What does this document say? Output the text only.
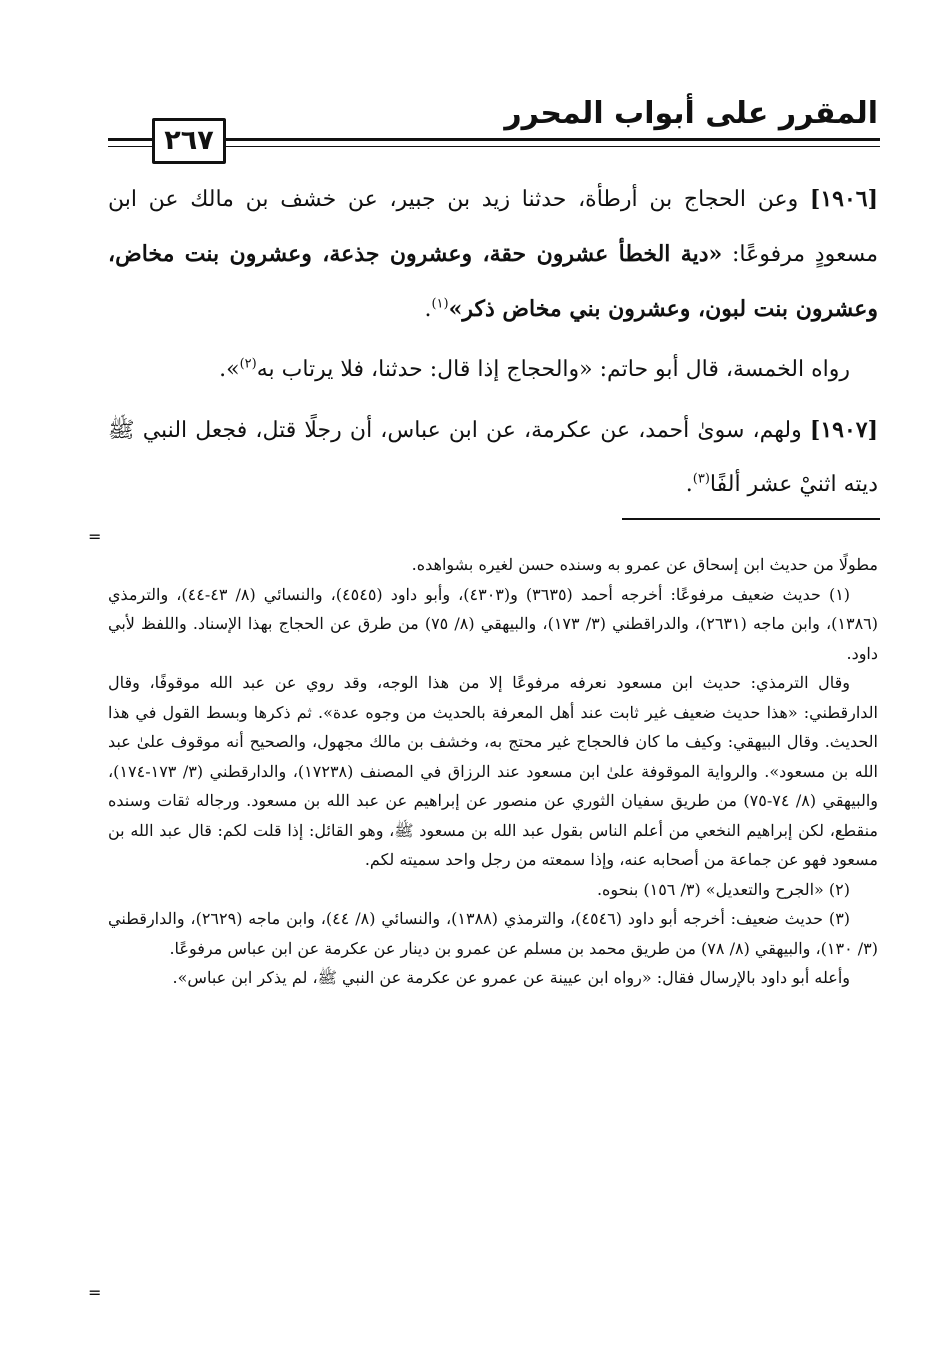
المقرر على أبواب المحرر
٢٦٧

[١٩٠٦] وعن الحجاج بن أرطأة، حدثنا زيد بن جبير، عن خشف بن مالك عن ابن مسعودٍ مرفوعًا: «دية الخطأ عشرون حقة، وعشرون جذعة، وعشرون بنت مخاض، وعشرون بنت لبون، وعشرون بني مخاض ذكر»$^{(١)}$.

رواه الخمسة، قال أبو حاتم: «والحجاج إذا قال: حدثنا، فلا يرتاب به$^{(٢)}$».

[١٩٠٧] ولهم، سوىٰ أحمد، عن عكرمة، عن ابن عباس، أن رجلًا قتل، فجعل النبي ﷺ ديته اثنيْ عشر ألفًا$^{(٣)}$.

=

مطولًا من حديث ابن إسحاق عن عمرو به وسنده حسن لغيره بشواهده.

(١) حديث ضعيف مرفوعًا: أخرجه أحمد (٣٦٣٥) و(٤٣٠٣)، وأبو داود (٤٥٤٥)، والنسائي (٨/ ٤٣-٤٤)، والترمذي (١٣٨٦)، وابن ماجه (٢٦٣١)، والدراقطني (٣/ ١٧٣)، والبيهقي (٨/ ٧٥) من طرق عن الحجاج بهذا الإسناد. واللفظ لأبي داود.

وقال الترمذي: حديث ابن مسعود نعرفه مرفوعًا إلا من هذا الوجه، وقد روي عن عبد الله موقوفًا، وقال الدارقطني: «هذا حديث ضعيف غير ثابت عند أهل المعرفة بالحديث من وجوه عدة». ثم ذكرها وبسط القول في هذا الحديث. وقال البيهقي: وكيف ما كان فالحجاج غير محتج به، وخشف بن مالك مجهول، والصحيح أنه موقوف علىٰ عبد الله بن مسعود». والرواية الموقوفة علىٰ ابن مسعود عند الرزاق في المصنف (١٧٢٣٨)، والدارقطني (٣/ ١٧٣-١٧٤)، والبيهقي (٨/ ٧٤-٧٥) من طريق سفيان الثوري عن منصور عن إبراهيم عن عبد الله بن مسعود. ورجاله ثقات وسنده منقطع، لكن إبراهيم النخعي من أعلم الناس بقول عبد الله بن مسعود ﷺ، وهو القائل: إذا قلت لكم: قال عبد الله بن مسعود فهو عن جماعة من أصحابه عنه، وإذا سمعته من رجل واحد سميته لكم.

(٢) «الجرح والتعديل» (٣/ ١٥٦) بنحوه.

(٣) حديث ضعيف: أخرجه أبو داود (٤٥٤٦)، والترمذي (١٣٨٨)، والنسائي (٨/ ٤٤)، وابن ماجه (٢٦٢٩)، والدارقطني (٣/ ١٣٠)، والبيهقي (٨/ ٧٨) من طريق محمد بن مسلم عن عمرو بن دينار عن عكرمة عن ابن عباس مرفوعًا.

وأعله أبو داود بالإرسال فقال: «رواه ابن عيينة عن عمرو عن عكرمة عن النبي ﷺ، لم يذكر ابن عباس».

=
